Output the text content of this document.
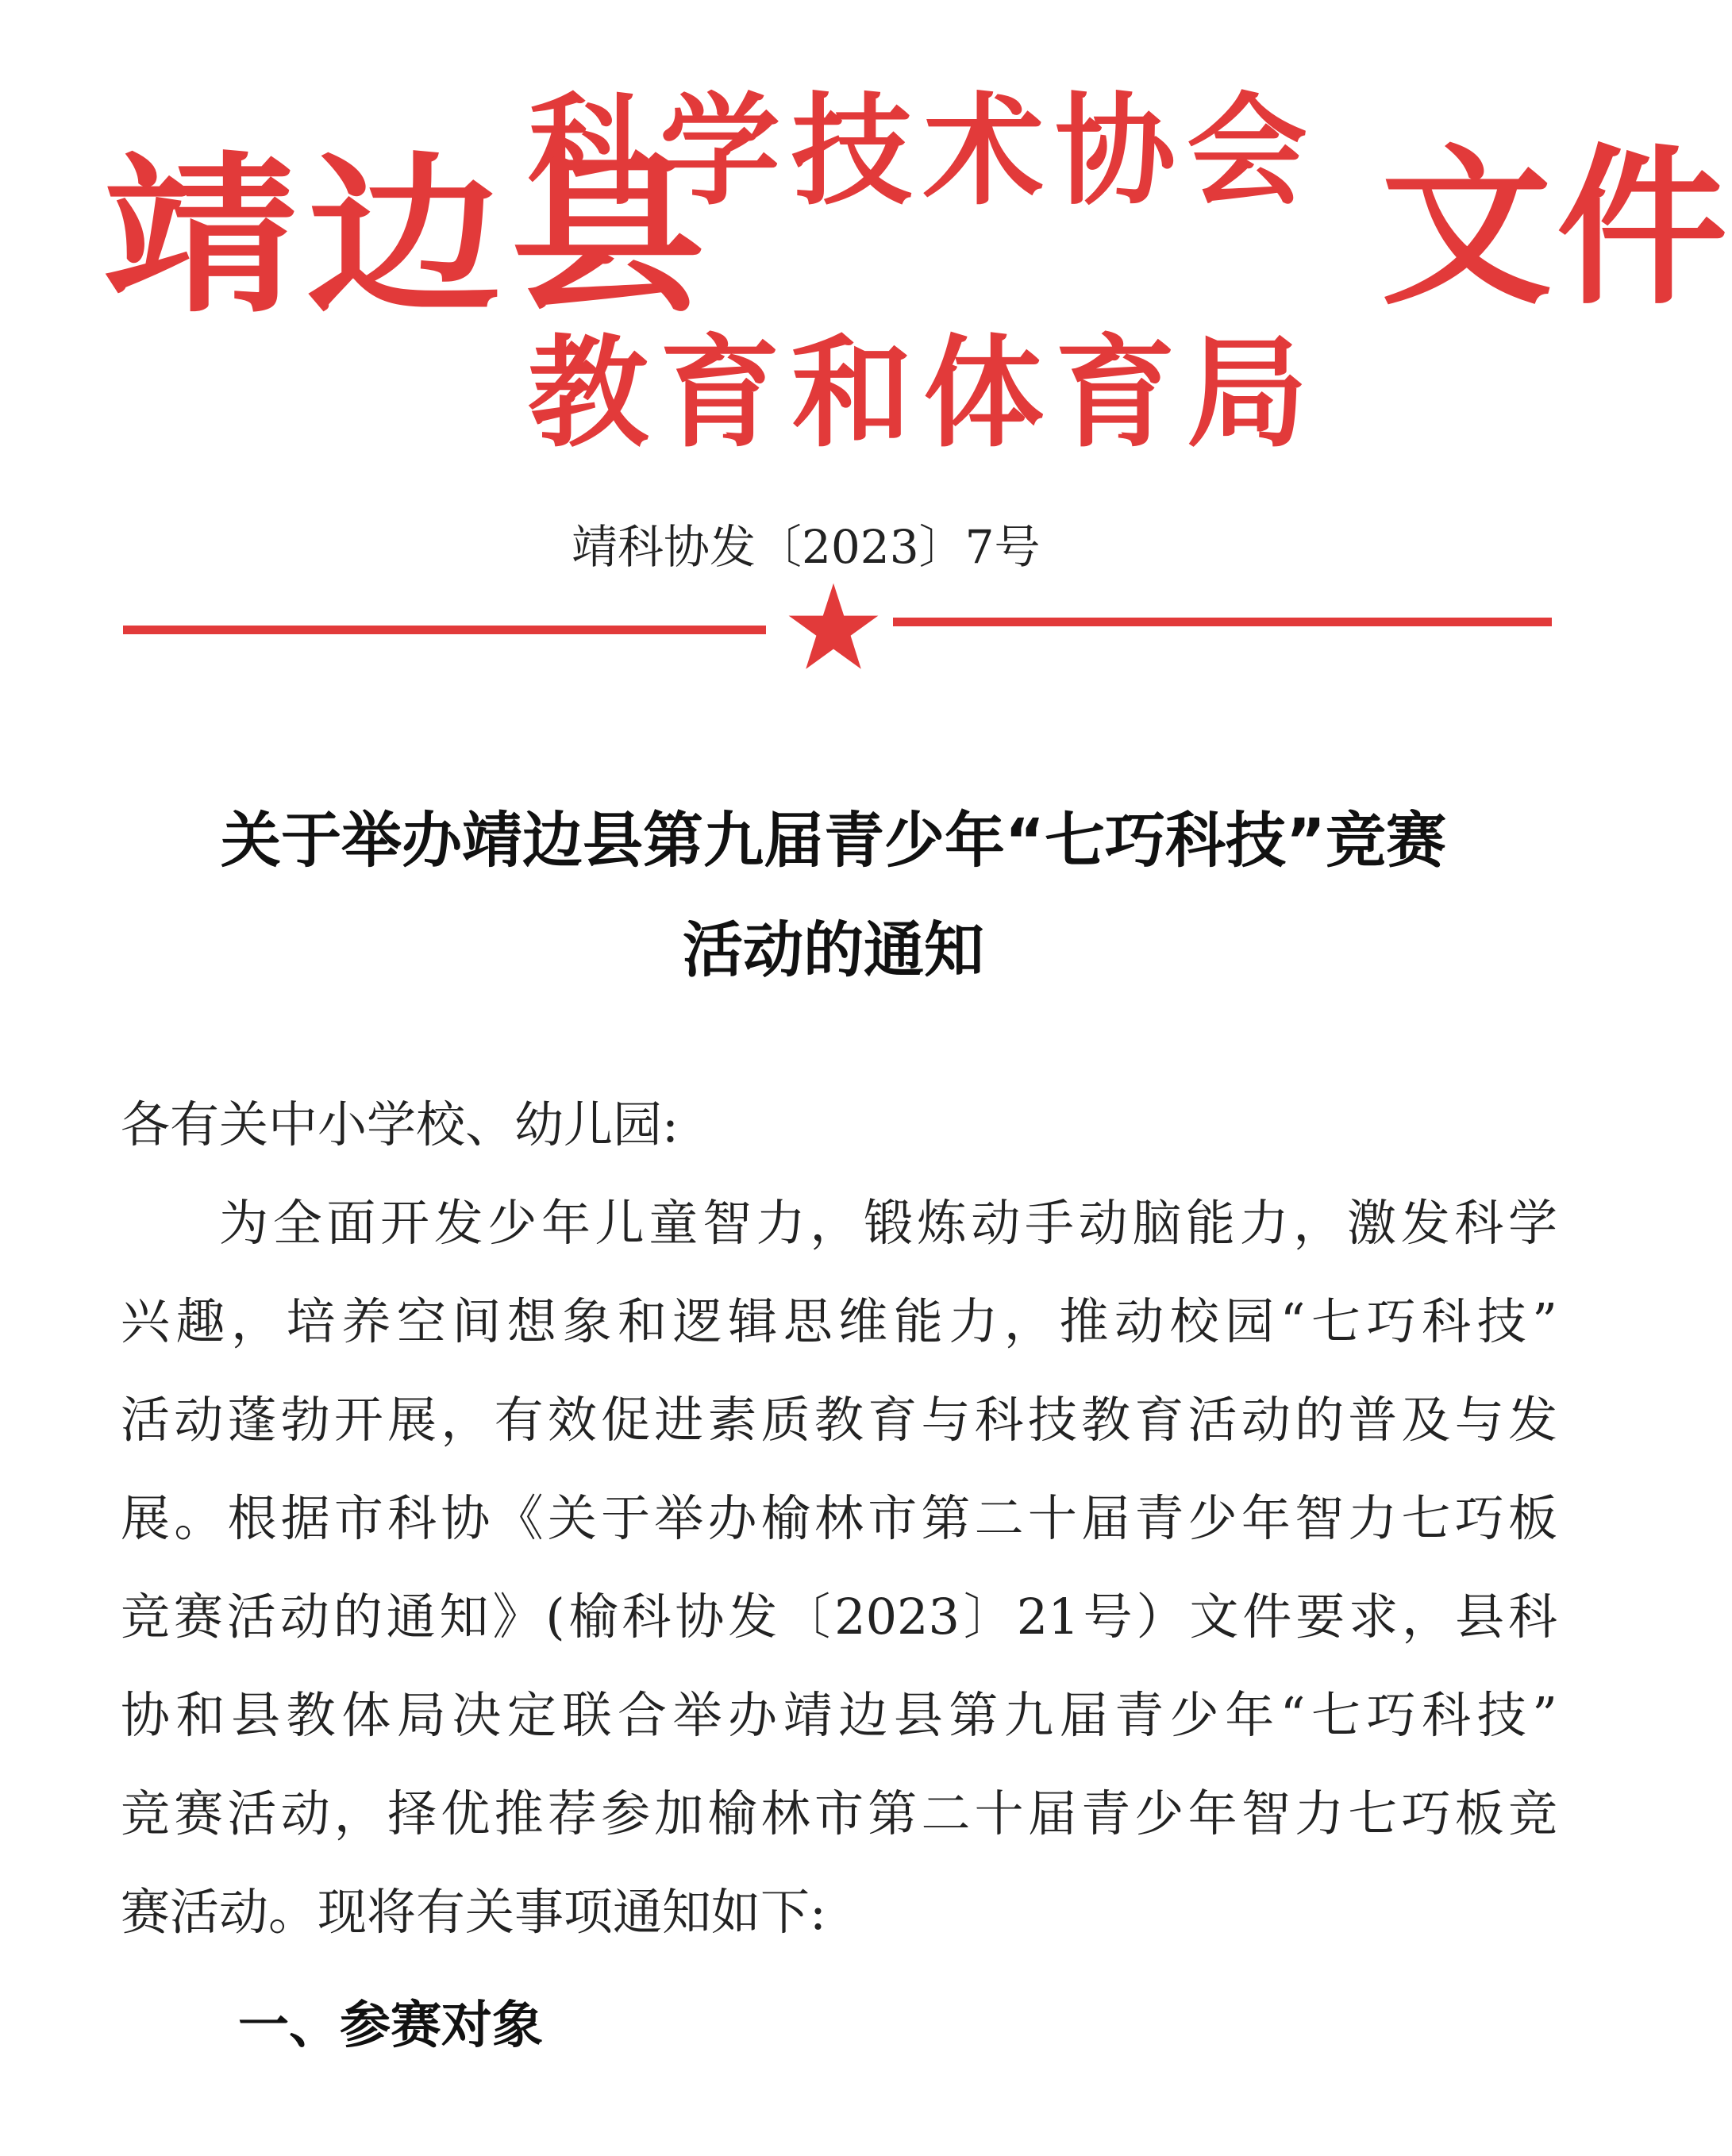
靖边县
科学技术协会
教育和体育局
文件
靖科协发〔2023〕7号
关于举办靖边县第九届青少年“七巧科技”竞赛
活动的通知
各有关中小学校、幼儿园:
为全面开发少年儿童智力，锻炼动手动脑能力，激发科学
兴趣，培养空间想象和逻辑思维能力，推动校园“七巧科技”
活动蓬勃开展，有效促进素质教育与科技教育活动的普及与发
展。根据市科协《关于举办榆林市第二十届青少年智力七巧板
竞赛活动的通知》(榆科协发〔2023〕21号）文件要求，县科
协和县教体局决定联合举办靖边县第九届青少年“七巧科技”
竞赛活动，择优推荐参加榆林市第二十届青少年智力七巧板竞
赛活动。现将有关事项通知如下:
一、参赛对象
